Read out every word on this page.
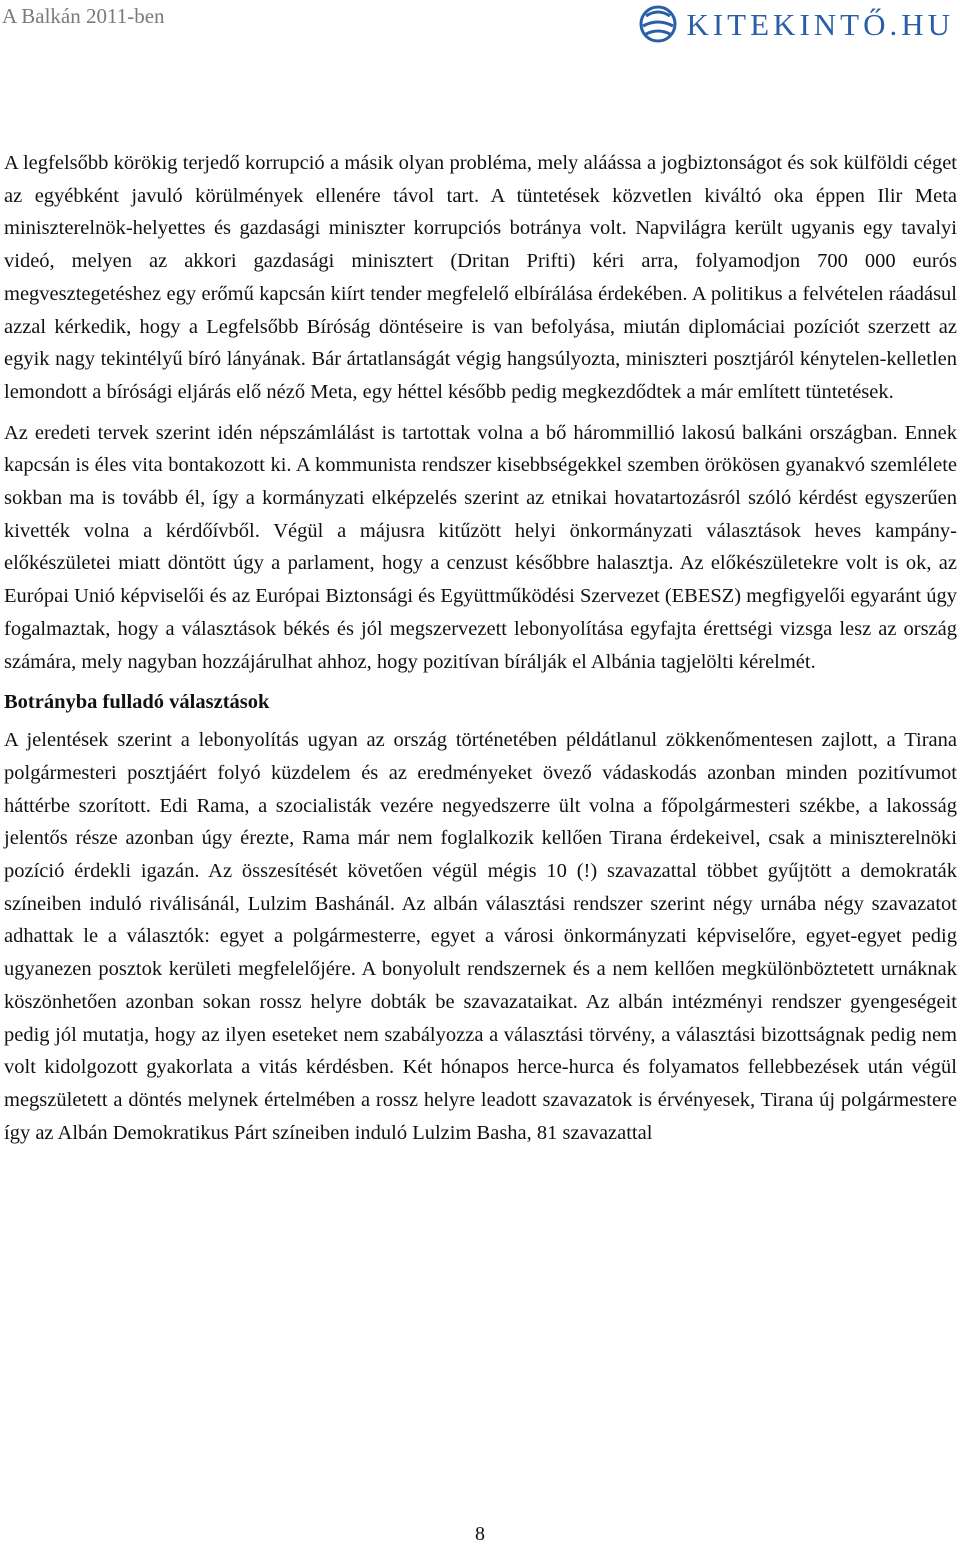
A Balkán 2011-ben	KITEKINTŐ.HU

A legfelsőbb körökig terjedő korrupció a másik olyan probléma, mely aláássa a jogbiztonságot és sok külföldi céget az egyébként javuló körülmények ellenére távol tart. A tüntetések közvetlen kiváltó oka éppen Ilir Meta miniszterelnök-helyettes és gazdasági miniszter korrupciós botránya volt. Napvilágra került ugyanis egy tavalyi videó, melyen az akkori gazdasági minisztert (Dritan Prifti) kéri arra, folyamodjon 700 000 eurós megvesztegetéshez egy erőmű kapcsán kiírt tender megfelelő elbírálása érdekében. A politikus a felvételen ráadásul azzal kérkedik, hogy a Legfelsőbb Bíróság döntéseire is van befolyása, miután diplomáciai pozíciót szerzett az egyik nagy tekintélyű bíró lányának. Bár ártatlanságát végig hangsúlyozta, miniszteri posztjáról kénytelen-kelletlen lemondott a bírósági eljárás elő néző Meta, egy héttel később pedig megkezdődtek a már említett tüntetések.

Az eredeti tervek szerint idén népszámlálást is tartottak volna a bő hárommillió lakosú balkáni országban. Ennek kapcsán is éles vita bontakozott ki. A kommunista rendszer kisebbségekkel szemben örökösen gyanakvó szemlélete sokban ma is tovább él, így a kormányzati elképzelés szerint az etnikai hovatartozásról szóló kérdést egyszerűen kivették volna a kérdőívből. Végül a májusra kitűzött helyi önkormányzati választások heves kampány-előkészületei miatt döntött úgy a parlament, hogy a cenzust későbbre halasztja. Az előkészületekre volt is ok, az Európai Unió képviselői és az Európai Biztonsági és Együttműködési Szervezet (EBESZ) megfigyelői egyaránt úgy fogalmaztak, hogy a választások békés és jól megszervezett lebonyolítása egyfajta érettségi vizsga lesz az ország számára, mely nagyban hozzájárulhat ahhoz, hogy pozitívan bírálják el Albánia tagjelölti kérelmét.

Botrányba fulladó választások

A jelentések szerint a lebonyolítás ugyan az ország történetében példátlanul zökkenőmentesen zajlott, a Tirana polgármesteri posztjáért folyó küzdelem és az eredményeket övező vádaskodás azonban minden pozitívumot háttérbe szorított. Edi Rama, a szocialisták vezére negyedszerre ült volna a főpolgármesteri székbe, a lakosság jelentős része azonban úgy érezte, Rama már nem foglalkozik kellően Tirana érdekeivel, csak a miniszterelnöki pozíció érdekli igazán. Az összesítését követően végül mégis 10 (!) szavazattal többet gyűjtött a demokraták színeiben induló riválisánál, Lulzim Bashánál. Az albán választási rendszer szerint négy urnába négy szavazatot adhattak le a választók: egyet a polgármesterre, egyet a városi önkormányzati képviselőre, egyet-egyet pedig ugyanezen posztok kerületi megfelelőjére. A bonyolult rendszernek és a nem kellően megkülönböztetett urnáknak köszönhetően azonban sokan rossz helyre dobták be szavazataikat. Az albán intézményi rendszer gyengeségeit pedig jól mutatja, hogy az ilyen eseteket nem szabályozza a választási törvény, a választási bizottságnak pedig nem volt kidolgozott gyakorlata a vitás kérdésben. Két hónapos herce-hurca és folyamatos fellebbezések után végül megszületett a döntés melynek értelmében a rossz helyre leadott szavazatok is érvényesek, Tirana új polgármestere így az Albán Demokratikus Párt színeiben induló Lulzim Basha, 81 szavazattal

8
